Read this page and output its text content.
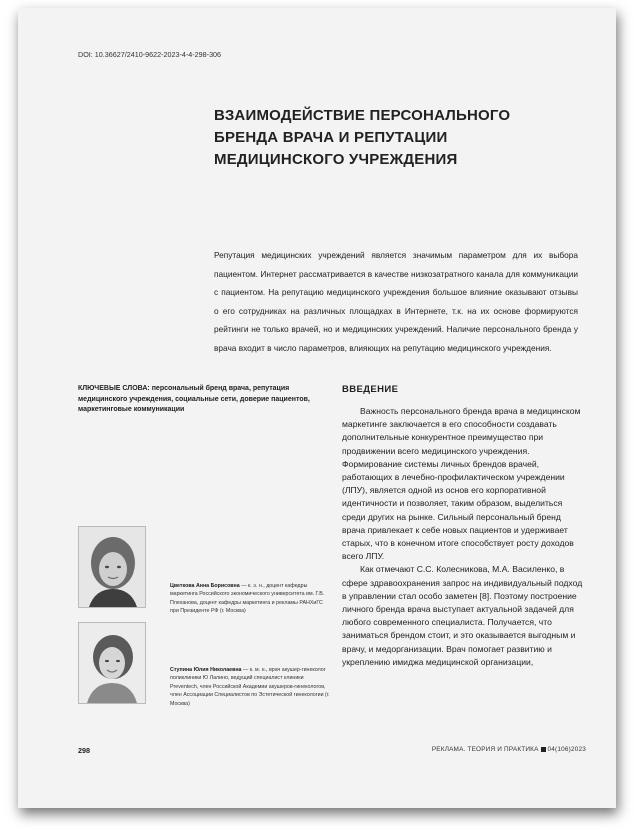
DOI: 10.36627/2410-9622-2023-4-4-298-306
ВЗАИМОДЕЙСТВИЕ ПЕРСОНАЛЬНОГО БРЕНДА ВРАЧА И РЕПУТАЦИИ МЕДИЦИНСКОГО УЧРЕЖДЕНИЯ
Репутация медицинских учреждений является значимым параметром для их выбора пациентом. Интернет рассматривается в качестве низкозатратного канала для коммуникации с пациентом. На репутацию медицинского учреждения большое влияние оказывают отзывы о его сотрудниках на различных площадках в Интернете, т.к. на их основе формируются рейтинги не только врачей, но и медицинских учреждений. Наличие персонального бренда у врача входит в число параметров, влияющих на репутацию медицинского учреждения.
КЛЮЧЕВЫЕ СЛОВА: персональный бренд врача, репутация медицинского учреждения, социальные сети, доверие пациентов, маркетинговые коммуникации
Цветкова Анна Борисовна — к. э. н., доцент кафедры маркетинга Российского экономического университета им. Г.В. Плеханова, доцент кафедры маркетинга и рекламы РАНХиГС при Президенте РФ (г. Москва)
Ступина Юлия Николаевна — к. м. н., врач акушер-гинеколог поликлиники Ю Лалино, ведущий специалист клиники Preventech, член Российской Академии акушеров-гинекологов, член Ассоциации Специалистов по Эстетической гинекологии (г. Москва)
ВВЕДЕНИЕ

Важность персонального бренда врача в медицинском маркетинге заключается в его способности создавать дополнительные конкурентное преимущество при продвижении всего медицинского учреждения. Формирование системы личных брендов врачей, работающих в лечебно-профилактическом учреждении (ЛПУ), является одной из основ его корпоративной идентичности и позволяет, таким образом, выделиться среди других на рынке. Сильный персональный бренд врача привлекает к себе новых пациентов и удерживает старых, что в конечном итоге способствует росту доходов всего ЛПУ.

Как отмечают С.С. Колесникова, М.А. Василенко, в сфере здравоохранения запрос на индивидуальный подход в управлении стал особо заметен [8]. Поэтому построение личного бренда врача выступает актуальной задачей для любого современного специалиста. Получается, что заниматься брендом стоит, и это оказывается выгодным и врачу, и медорганизации. Врач помогает развитию и укреплению имиджа медицинской организации,

298	РЕКЛАМА. ТЕОРИЯ И ПРАКТИКА 04(106)2023
